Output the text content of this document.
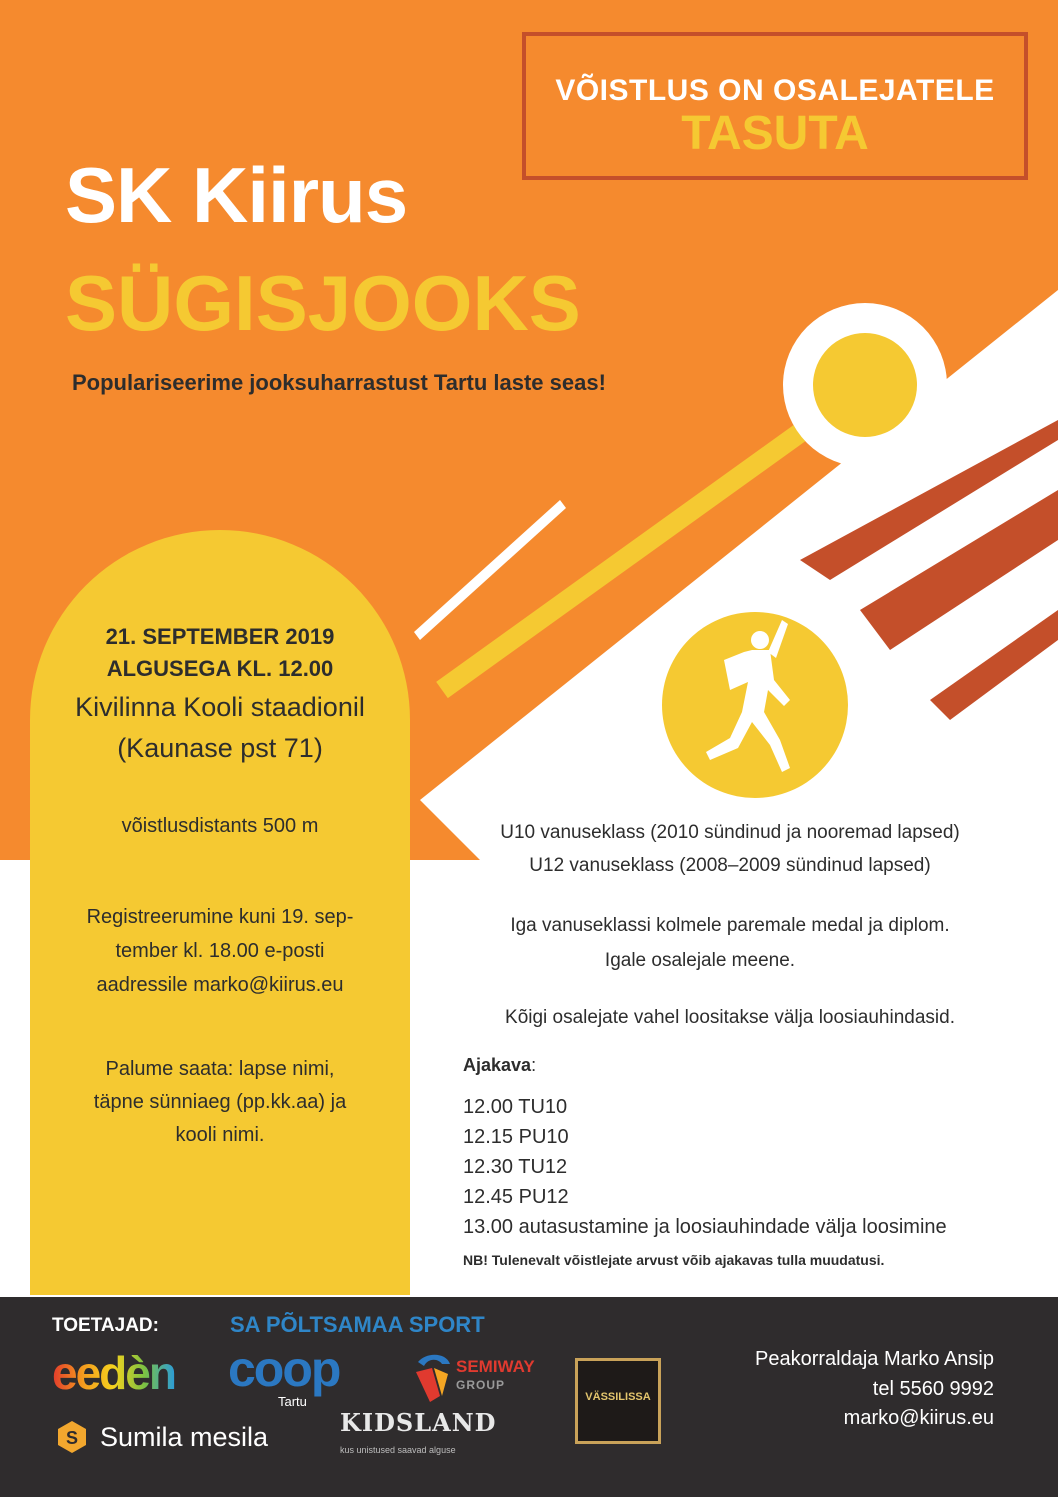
VÕISTLUS ON OSALEJATELE
TASUTA
SK Kiirus
SÜGISJOOKS
Populariseerime jooksuharrastust Tartu laste seas!
21. SEPTEMBER 2019
ALGUSEGA KL. 12.00
Kivilinna Kooli staadionil
(Kaunase pst 71)
võistlusdistants 500 m
Registreerumine kuni 19. sep-
tember kl. 18.00 e-posti
aadressile marko@kiirus.eu
Palume saata: lapse nimi,
täpne sünniaeg (pp.kk.aa) ja
kooli nimi.
U10 vanuseklass (2010 sündinud ja nooremad lapsed)
U12 vanuseklass (2008–2009 sündinud lapsed)
Iga vanuseklassi kolmele paremale medal ja diplom.
Igale osalejale meene.
Kõigi osalejate vahel loositakse välja loosiauhindasid.
Ajakava:
12.00 TU10
12.15 PU10
12.30 TU12
12.45 PU12
13.00 autasustamine ja loosiauhindade välja loosimine
NB! Tulenevalt võistlejate arvust võib ajakavas tulla muudatusi.
TOETAJAD:	SA PÕLTSAMAA SPORT
eedèn coop
Tartu
SEMIWAY
GROUP
VÄSSILISSA
S Sumila mesila	KIDSLAND
kus unistused saavad alguse
Peakorraldaja Marko Ansip
tel 5560 9992
marko@kiirus.eu
